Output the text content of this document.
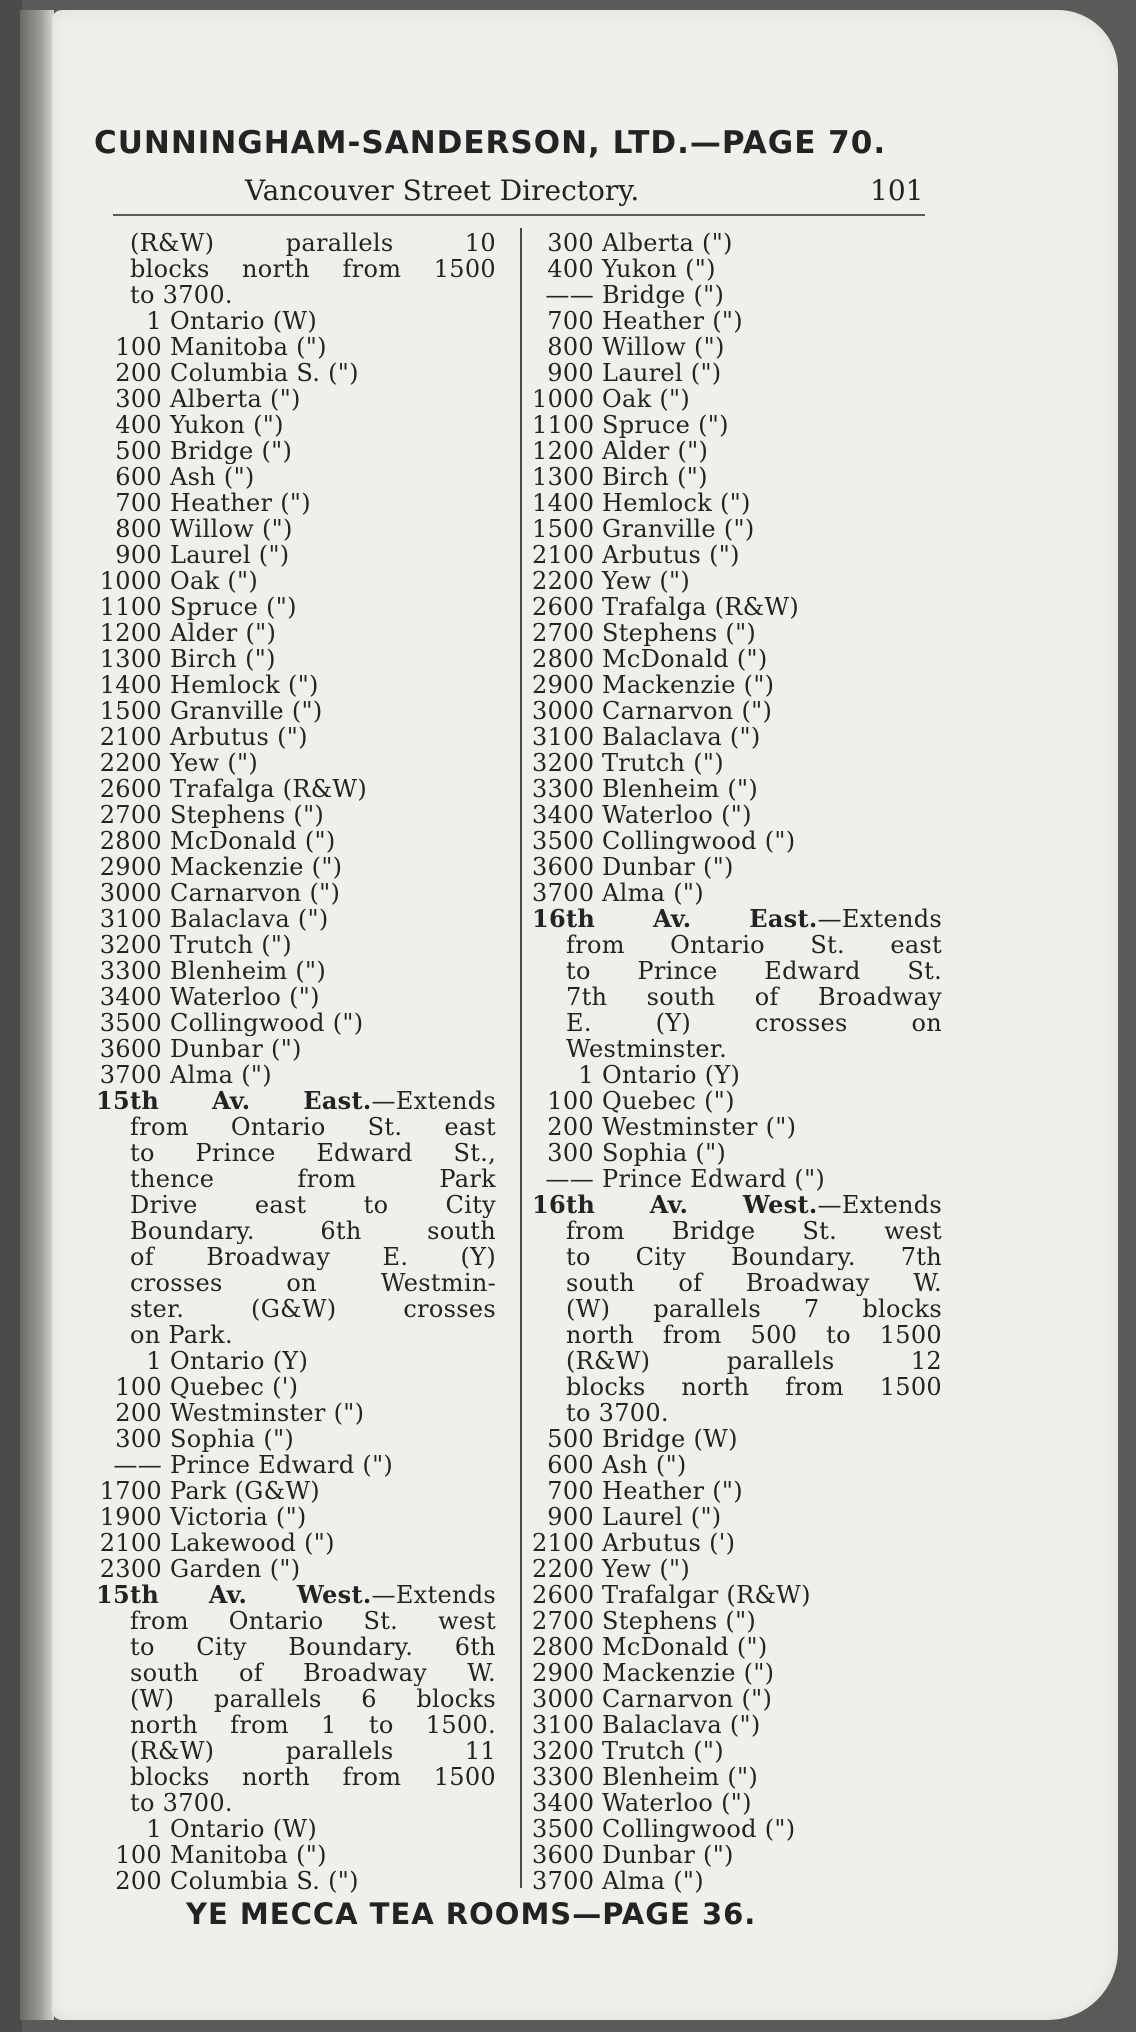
CUNNINGHAM-SANDERSON, LTD.—PAGE 70.
Vancouver Street Directory.	101
(R&W) parallels 10
blocks north from 1500
to 3700.
1 Ontario (W)
100 Manitoba (")
200 Columbia S. (")
300 Alberta (")
400 Yukon (")
500 Bridge (")
600 Ash (")
700 Heather (")
800 Willow (")
900 Laurel (")
1000 Oak (")
1100 Spruce (")
1200 Alder (")
1300 Birch (")
1400 Hemlock (")
1500 Granville (")
2100 Arbutus (")
2200 Yew (")
2600 Trafalga (R&W)
2700 Stephens (")
2800 McDonald (")
2900 Mackenzie (")
3000 Carnarvon (")
3100 Balaclava (")
3200 Trutch (")
3300 Blenheim (")
3400 Waterloo (")
3500 Collingwood (")
3600 Dunbar (")
3700 Alma (")
15th Av. East.—Extends
from Ontario St. east
to Prince Edward St.,
thence from Park
Drive east to City
Boundary. 6th south
of Broadway E. (Y)
crosses on Westmin-
ster. (G&W) crosses
on Park.
1 Ontario (Y)
100 Quebec (')
200 Westminster (")
300 Sophia (")
—— Prince Edward (")
1700 Park (G&W)
1900 Victoria (")
2100 Lakewood (")
2300 Garden (")
15th Av. West.—Extends
from Ontario St. west
to City Boundary. 6th
south of Broadway W.
(W) parallels 6 blocks
north from 1 to 1500.
(R&W) parallels 11
blocks north from 1500
to 3700.
1 Ontario (W)
100 Manitoba (")
200 Columbia S. (")
300 Alberta (")
400 Yukon (")
—— Bridge (")
700 Heather (")
800 Willow (")
900 Laurel (")
1000 Oak (")
1100 Spruce (")
1200 Alder (")
1300 Birch (")
1400 Hemlock (")
1500 Granville (")
2100 Arbutus (")
2200 Yew (")
2600 Trafalga (R&W)
2700 Stephens (")
2800 McDonald (")
2900 Mackenzie (")
3000 Carnarvon (")
3100 Balaclava (")
3200 Trutch (")
3300 Blenheim (")
3400 Waterloo (")
3500 Collingwood (")
3600 Dunbar (")
3700 Alma (")
16th Av. East.—Extends
from Ontario St. east
to Prince Edward St.
7th south of Broadway
E. (Y) crosses on
Westminster.
1 Ontario (Y)
100 Quebec (")
200 Westminster (")
300 Sophia (")
—— Prince Edward (")
16th Av. West.—Extends
from Bridge St. west
to City Boundary. 7th
south of Broadway W.
(W) parallels 7 blocks
north from 500 to 1500
(R&W) parallels 12
blocks north from 1500
to 3700.
500 Bridge (W)
600 Ash (")
700 Heather (")
900 Laurel (")
2100 Arbutus (')
2200 Yew (")
2600 Trafalgar (R&W)
2700 Stephens (")
2800 McDonald (")
2900 Mackenzie (")
3000 Carnarvon (")
3100 Balaclava (")
3200 Trutch (")
3300 Blenheim (")
3400 Waterloo (")
3500 Collingwood (")
3600 Dunbar (")
3700 Alma (")
YE MECCA TEA ROOMS—PAGE 36.
